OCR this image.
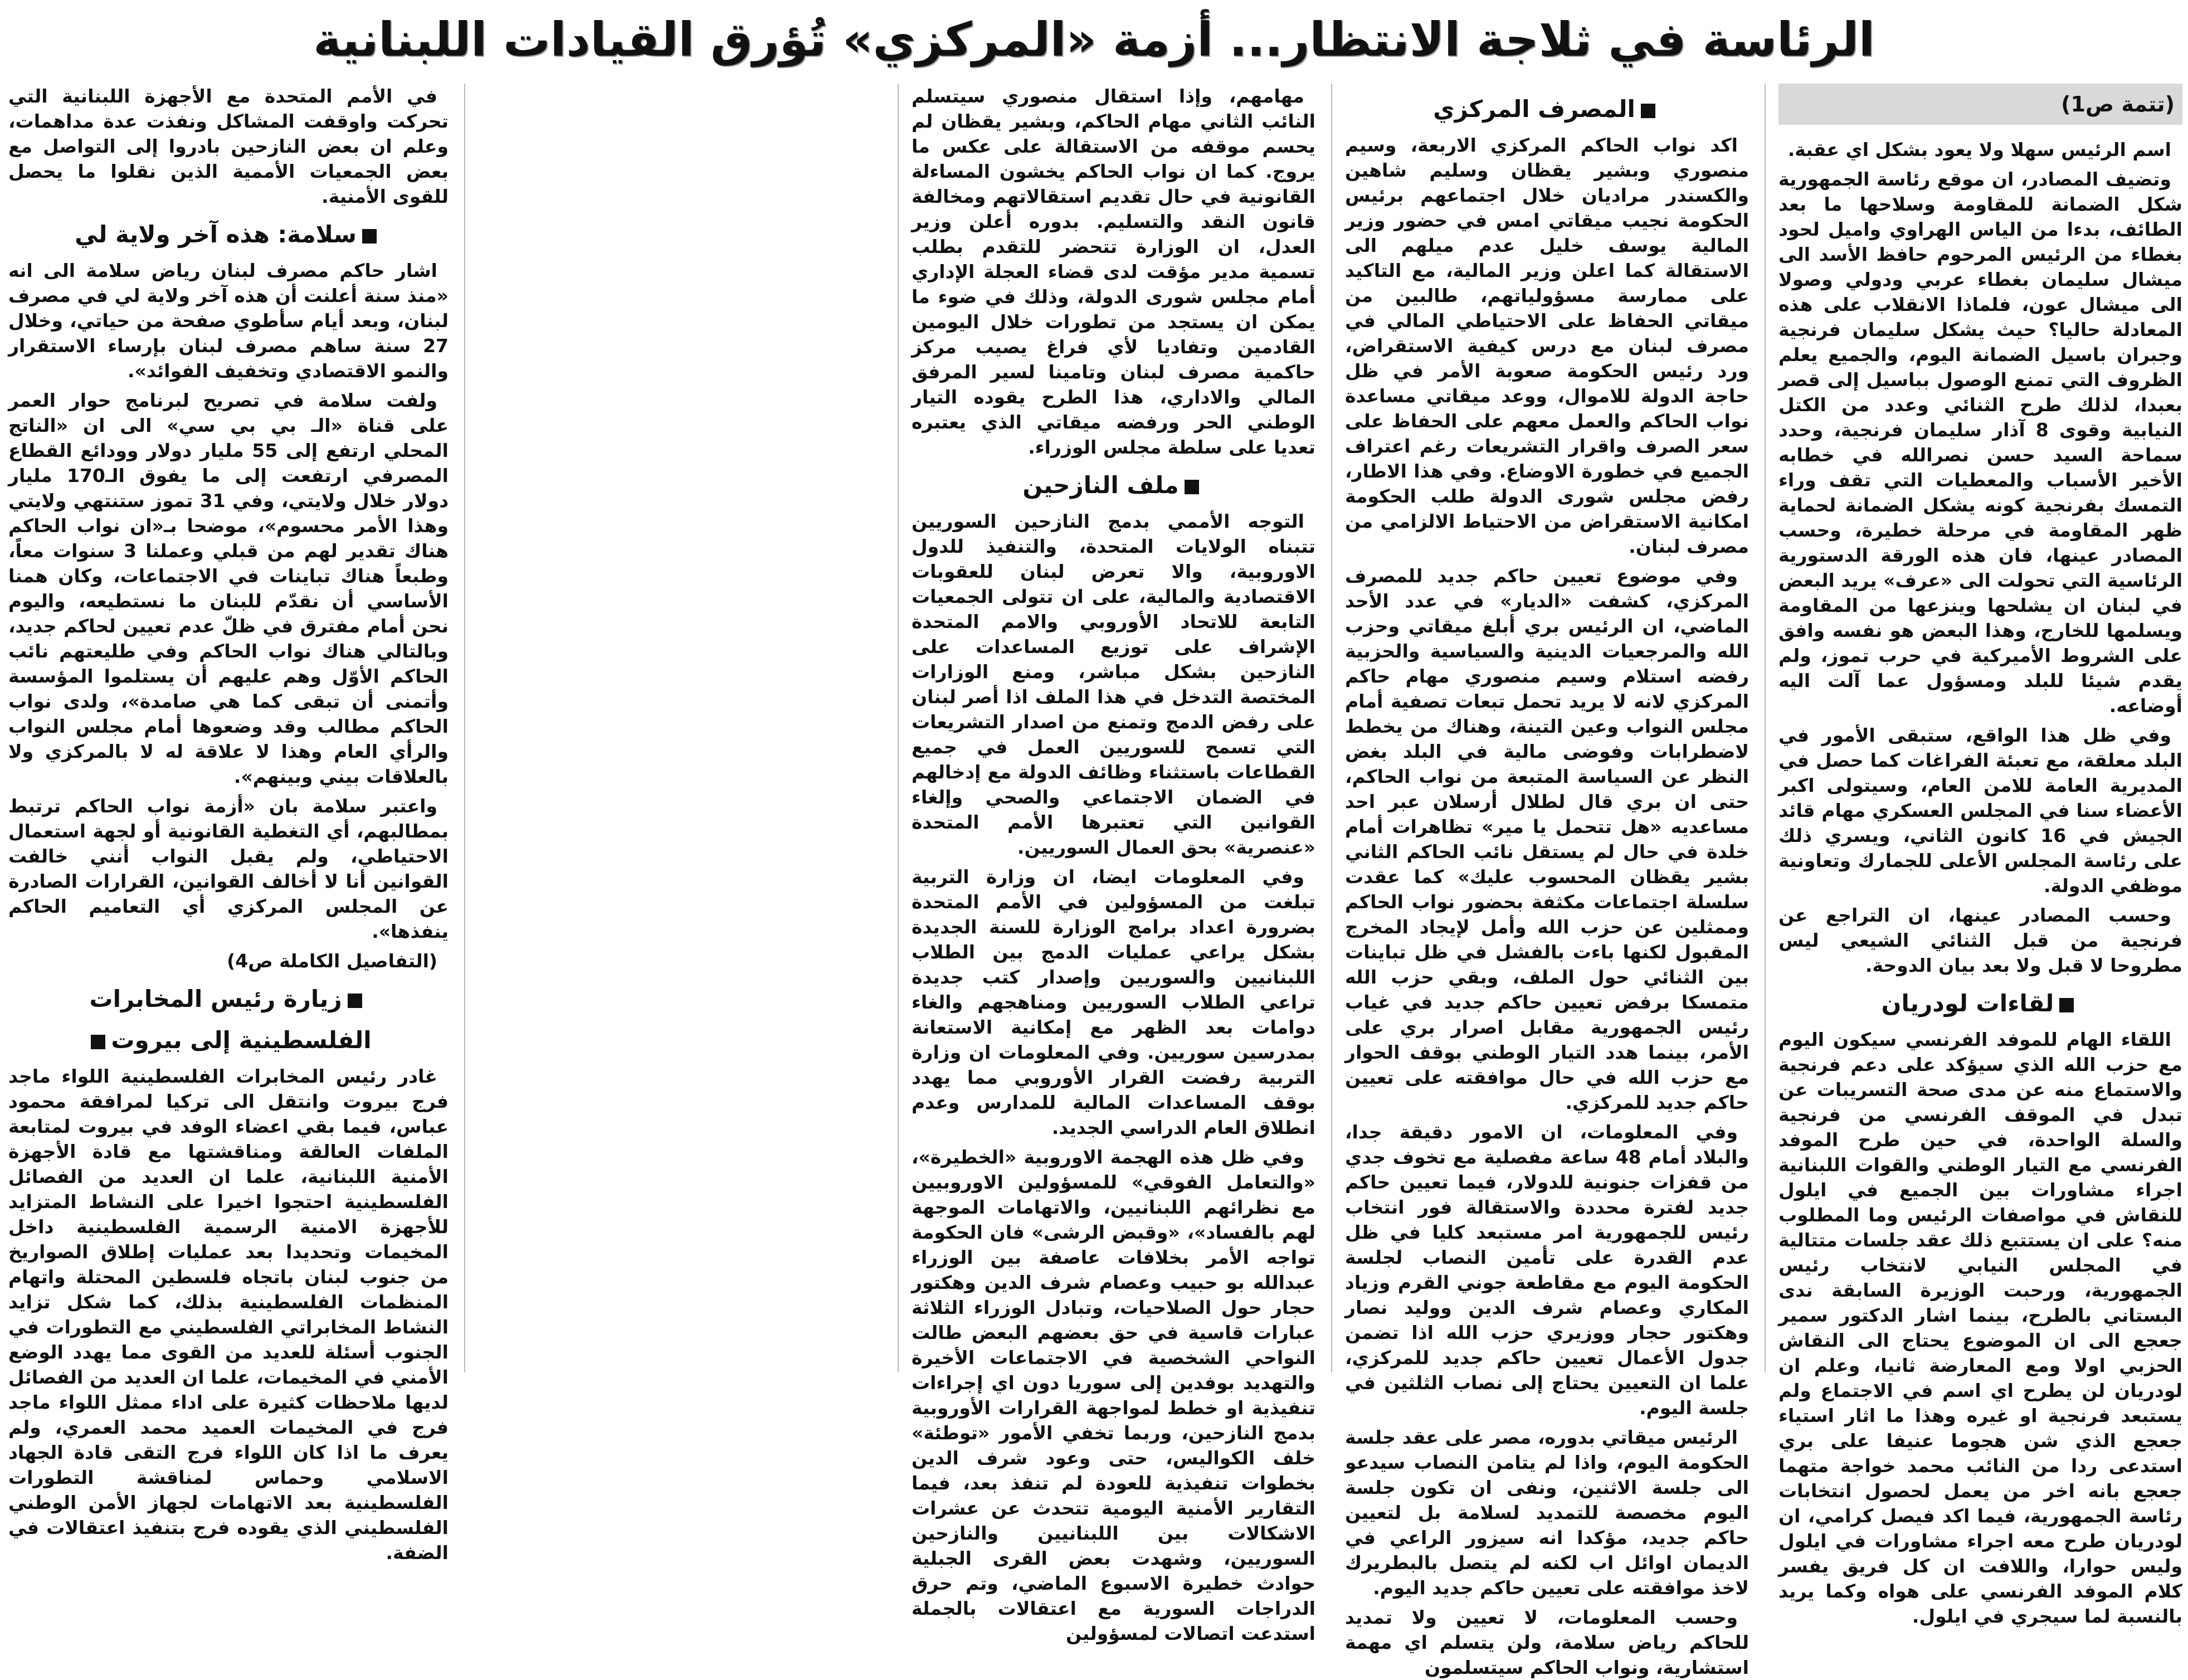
الرئاسة في ثلاجة الانتظار... أزمة «المركزي» تُؤرق القيادات اللبنانية
(تتمة ص1)

اسم الرئيس سهلا ولا يعود بشكل اي عقبة.

وتضيف المصادر، ان موقع رئاسة الجمهورية شكل الضمانة للمقاومة وسلاحها ما بعد الطائف، بدءا من الياس الهراوي واميل لحود بغطاء من الرئيس المرحوم حافظ الأسد الى ميشال سليمان بغطاء عربي ودولي وصولا الى ميشال عون، فلماذا الانقلاب على هذه المعادلة حاليا؟ حيث يشكل سليمان فرنجية وجبران باسيل الضمانة اليوم، والجميع يعلم الظروف التي تمنع الوصول بباسيل إلى قصر بعبدا، لذلك طرح الثنائي وعدد من الكتل النيابية وقوى 8 آذار سليمان فرنجية، وحدد سماحة السيد حسن نصرالله في خطابه الأخير الأسباب والمعطيات التي تقف وراء التمسك بفرنجية كونه يشكل الضمانة لحماية ظهر المقاومة في مرحلة خطيرة، وحسب المصادر عينها، فان هذه الورقة الدستورية الرئاسية التي تحولت الى «عرف» يريد البعض في لبنان ان يشلحها وينزعها من المقاومة ويسلمها للخارج، وهذا البعض هو نفسه وافق على الشروط الأميركية في حرب تموز، ولم يقدم شيئا للبلد ومسؤول عما آلت اليه أوضاعه.

وفي ظل هذا الواقع، ستبقى الأمور في البلد معلقة، مع تعبئة الفراغات كما حصل في المديرية العامة للامن العام، وسيتولى اكبر الأعضاء سنا في المجلس العسكري مهام قائد الجيش في 16 كانون الثاني، ويسري ذلك على رئاسة المجلس الأعلى للجمارك وتعاونية موظفي الدولة.

وحسب المصادر عينها، ان التراجع عن فرنجية من قبل الثنائي الشيعي ليس مطروحا لا قبل ولا بعد بيان الدوحة.

لقاءات لودريان

اللقاء الهام للموفد الفرنسي سيكون اليوم مع حزب الله الذي سيؤكد على دعم فرنجية والاستماع منه عن مدى صحة التسريبات عن تبدل في الموقف الفرنسي من فرنجية والسلة الواحدة، في حين طرح الموفد الفرنسي مع التيار الوطني والقوات اللبنانية اجراء مشاورات بين الجميع في ايلول للنقاش في مواصفات الرئيس وما المطلوب منه؟ على ان يستتبع ذلك عقد جلسات متتالية في المجلس النيابي لانتخاب رئيس الجمهورية، ورحبت الوزيرة السابقة ندى البستاني بالطرح، بينما اشار الدكتور سمير جعجع الى ان الموضوع يحتاج الى النقاش الحزبي اولا ومع المعارضة ثانيا، وعلم ان لودريان لن يطرح اي اسم في الاجتماع ولم يستبعد فرنجية او غيره وهذا ما اثار استياء جعجع الذي شن هجوما عنيفا على بري استدعى ردا من النائب محمد خواجة متهما جعجع بانه اخر من يعمل لحصول انتخابات رئاسة الجمهورية، فيما اكد فيصل كرامي، ان لودريان طرح معه اجراء مشاورات في ايلول وليس حوارا، واللافت ان كل فريق يفسر كلام الموفد الفرنسي على هواه وكما يريد بالنسبة لما سيجري في ايلول.

المصرف المركزي

اكد نواب الحاكم المركزي الاربعة، وسيم منصوري وبشير يقظان وسليم شاهين والكسندر مراديان خلال اجتماعهم برئيس الحكومة نجيب ميقاتي امس في حضور وزير المالية يوسف خليل عدم ميلهم الى الاستقالة كما اعلن وزير المالية، مع التاكيد على ممارسة مسؤولياتهم، طالبين من ميقاتي الحفاظ على الاحتياطي المالي في مصرف لبنان مع درس كيفية الاستقراض، ورد رئيس الحكومة صعوبة الأمر في ظل حاجة الدولة للاموال، ووعد ميقاتي مساعدة نواب الحاكم والعمل معهم على الحفاظ على سعر الصرف واقرار التشريعات رغم اعتراف الجميع في خطورة الاوضاع. وفي هذا الاطار، رفض مجلس شورى الدولة طلب الحكومة امكانية الاستقراض من الاحتياط الالزامي من مصرف لبنان.

وفي موضوع تعيين حاكم جديد للمصرف المركزي، كشفت «الديار» في عدد الأحد الماضي، ان الرئيس بري أبلغ ميقاتي وحزب الله والمرجعيات الدينية والسياسية والحزبية رفضه استلام وسيم منصوري مهام حاكم المركزي لانه لا يريد تحمل تبعات تصفية أمام مجلس النواب وعين التينة، وهناك من يخطط لاضطرابات وفوضى مالية في البلد بغض النظر عن السياسة المتبعة من نواب الحاكم، حتى ان بري قال لطلال أرسلان عبر احد مساعديه «هل تتحمل يا مير» تظاهرات أمام خلدة في حال لم يستقل نائب الحاكم الثاني بشير يقظان المحسوب عليك» كما عقدت سلسلة اجتماعات مكثفة بحضور نواب الحاكم وممثلين عن حزب الله وأمل لإيجاد المخرج المقبول لكنها باءت بالفشل في ظل تباينات بين الثنائي حول الملف، وبقي حزب الله متمسكا برفض تعيين حاكم جديد في غياب رئيس الجمهورية مقابل اصرار بري على الأمر، بينما هدد التيار الوطني بوقف الحوار مع حزب الله في حال موافقته على تعيين حاكم جديد للمركزي.

وفي المعلومات، ان الامور دقيقة جدا، والبلاد أمام 48 ساعة مفصلية مع تخوف جدي من قفزات جنونية للدولار، فيما تعيين حاكم جديد لفترة محددة والاستقالة فور انتخاب رئيس للجمهورية امر مستبعد كليا في ظل عدم القدرة على تأمين النصاب لجلسة الحكومة اليوم مع مقاطعة جوني القرم وزياد المكاري وعصام شرف الدين ووليد نصار وهكتور حجار ووزيري حزب الله اذا تضمن جدول الأعمال تعيين حاكم جديد للمركزي، علما ان التعيين يحتاج إلى نصاب الثلثين في جلسة اليوم.

الرئيس ميقاتي بدوره، مصر على عقد جلسة الحكومة اليوم، واذا لم يتامن النصاب سيدعو الى جلسة الاثنين، ونفى ان تكون جلسة اليوم مخصصة للتمديد لسلامة بل لتعيين حاكم جديد، مؤكدا انه سيزور الراعي في الديمان اوائل اب لكنه لم يتصل بالبطريرك لاخذ موافقته على تعيين حاكم جديد اليوم.

وحسب المعلومات، لا تعيين ولا تمديد للحاكم رياض سلامة، ولن يتسلم اي مهمة استشارية، ونواب الحاكم سيتسلمون

مهامهم، وإذا استقال منصوري سيتسلم النائب الثاني مهام الحاكم، وبشير يقظان لم يحسم موقفه من الاستقالة على عكس ما يروج. كما ان نواب الحاكم يخشون المساءلة القانونية في حال تقديم استقالاتهم ومخالفة قانون النقد والتسليم. بدوره أعلن وزير العدل، ان الوزارة تتحضر للتقدم بطلب تسمية مدير مؤقت لدى قضاء العجلة الإداري أمام مجلس شورى الدولة، وذلك في ضوء ما يمكن ان يستجد من تطورات خلال اليومين القادمين وتفاديا لأي فراغ يصيب مركز حاكمية مصرف لبنان وتامينا لسير المرفق المالي والاداري، هذا الطرح يقوده التيار الوطني الحر ورفضه ميقاتي الذي يعتبره تعديا على سلطة مجلس الوزراء.

ملف النازحين

التوجه الأممي بدمج النازحين السوريين تتبناه الولايات المتحدة، والتنفيذ للدول الاوروبية، والا تعرض لبنان للعقوبات الاقتصادية والمالية، على ان تتولى الجمعيات التابعة للاتحاد الأوروبي والامم المتحدة الإشراف على توزيع المساعدات على النازحين بشكل مباشر، ومنع الوزارات المختصة التدخل في هذا الملف اذا أصر لبنان على رفض الدمج وتمنع من اصدار التشريعات التي تسمح للسوريين العمل في جميع القطاعات باستثناء وظائف الدولة مع إدخالهم في الضمان الاجتماعي والصحي وإلغاء القوانين التي تعتبرها الأمم المتحدة «عنصرية» بحق العمال السوريين.

وفي المعلومات ايضا، ان وزارة التربية تبلغت من المسؤولين في الأمم المتحدة بضرورة اعداد برامج الوزارة للسنة الجديدة بشكل يراعي عمليات الدمج بين الطلاب اللبنانيين والسوريين وإصدار كتب جديدة تراعي الطلاب السوريين ومناهجهم والغاء دوامات بعد الظهر مع إمكانية الاستعانة بمدرسين سوريين. وفي المعلومات ان وزارة التربية رفضت القرار الأوروبي مما يهدد بوقف المساعدات المالية للمدارس وعدم انطلاق العام الدراسي الجديد.

وفي ظل هذه الهجمة الاوروبية «الخطيرة»، «والتعامل الفوقي» للمسؤولين الاوروبيين مع نظرائهم اللبنانيين، والاتهامات الموجهة لهم بالفساد»، «وقبض الرشى» فان الحكومة تواجه الأمر بخلافات عاصفة بين الوزراء عبدالله بو حبيب وعصام شرف الدين وهكتور حجار حول الصلاحيات، وتبادل الوزراء الثلاثة عبارات قاسية في حق بعضهم البعض طالت النواحي الشخصية في الاجتماعات الأخيرة والتهديد بوفدين إلى سوريا دون اي إجراءات تنفيذية او خطط لمواجهة القرارات الأوروبية بدمج النازحين، وربما تخفي الأمور «توطئة» خلف الكواليس، حتى وعود شرف الدين بخطوات تنفيذية للعودة لم تنفذ بعد، فيما التقارير الأمنية اليومية تتحدث عن عشرات الاشكالات بين اللبنانيين والنازحين السوريين، وشهدت بعض القرى الجبلية حوادث خطيرة الاسبوع الماضي، وتم حرق الدراجات السورية مع اعتقالات بالجملة استدعت اتصالات لمسؤولين

في الأمم المتحدة مع الأجهزة اللبنانية التي تحركت واوقفت المشاكل ونفذت عدة مداهمات، وعلم ان بعض النازحين بادروا إلى التواصل مع بعض الجمعيات الأممية الذين نقلوا ما يحصل للقوى الأمنية.

سلامة: هذه آخر ولاية لي

اشار حاكم مصرف لبنان رياض سلامة الى انه «منذ سنة أعلنت أن هذه آخر ولاية لي في مصرف لبنان، وبعد أيام سأطوي صفحة من حياتي، وخلال 27 سنة ساهم مصرف لبنان بإرساء الاستقرار والنمو الاقتصادي وتخفيف الفوائد».

ولفت سلامة في تصريح لبرنامج حوار العمر على قناة «الـ بي بي سي» الى ان «الناتج المحلي ارتفع إلى 55 مليار دولار وودائع القطاع المصرفي ارتفعت إلى ما يفوق الـ170 مليار دولار خلال ولايتي، وفي 31 تموز ستنتهي ولايتي وهذا الأمر محسوم»، موضحا بـ«ان نواب الحاكم هناك تقدير لهم من قبلي وعملنا 3 سنوات معاً، وطبعاً هناك تباينات في الاجتماعات، وكان همنا الأساسي أن نقدّم للبنان ما نستطيعه، واليوم نحن أمام مفترق في ظلّ عدم تعيين لحاكم جديد، وبالتالي هناك نواب الحاكم وفي طليعتهم نائب الحاكم الأوّل وهم عليهم أن يستلموا المؤسسة وأتمنى أن تبقى كما هي صامدة»، ولدى نواب الحاكم مطالب وقد وضعوها أمام مجلس النواب والرأي العام وهذا لا علاقة له لا بالمركزي ولا بالعلاقات بيني وبينهم».

واعتبر سلامة بان «أزمة نواب الحاكم ترتبط بمطالبهم، أي التغطية القانونية أو لجهة استعمال الاحتياطي، ولم يقبل النواب أنني خالفت القوانين أنا لا أخالف القوانين، القرارات الصادرة عن المجلس المركزي أي التعاميم الحاكم ينفذها».

(التفاصيل الكاملة ص4)

زيارة رئيس المخابرات
الفلسطينية إلى بيروت

غادر رئيس المخابرات الفلسطينية اللواء ماجد فرج بيروت وانتقل الى تركيا لمرافقة محمود عباس، فيما بقي اعضاء الوفد في بيروت لمتابعة الملفات العالقة ومناقشتها مع قادة الأجهزة الأمنية اللبنانية، علما ان العديد من الفصائل الفلسطينية احتجوا اخيرا على النشاط المتزايد للأجهزة الامنية الرسمية الفلسطينية داخل المخيمات وتحديدا بعد عمليات إطلاق الصواريخ من جنوب لبنان باتجاه فلسطين المحتلة واتهام المنظمات الفلسطينية بذلك، كما شكل تزايد النشاط المخابراتي الفلسطيني مع التطورات في الجنوب أسئلة للعديد من القوى مما يهدد الوضع الأمني في المخيمات، علما ان العديد من الفصائل لديها ملاحظات كثيرة على اداء ممثل اللواء ماجد فرج في المخيمات العميد محمد العمري، ولم يعرف ما اذا كان اللواء فرج التقى قادة الجهاد الاسلامي وحماس لمناقشة التطورات الفلسطينية بعد الاتهامات لجهاز الأمن الوطني الفلسطيني الذي يقوده فرج بتنفيذ اعتقالات في الضفة.
